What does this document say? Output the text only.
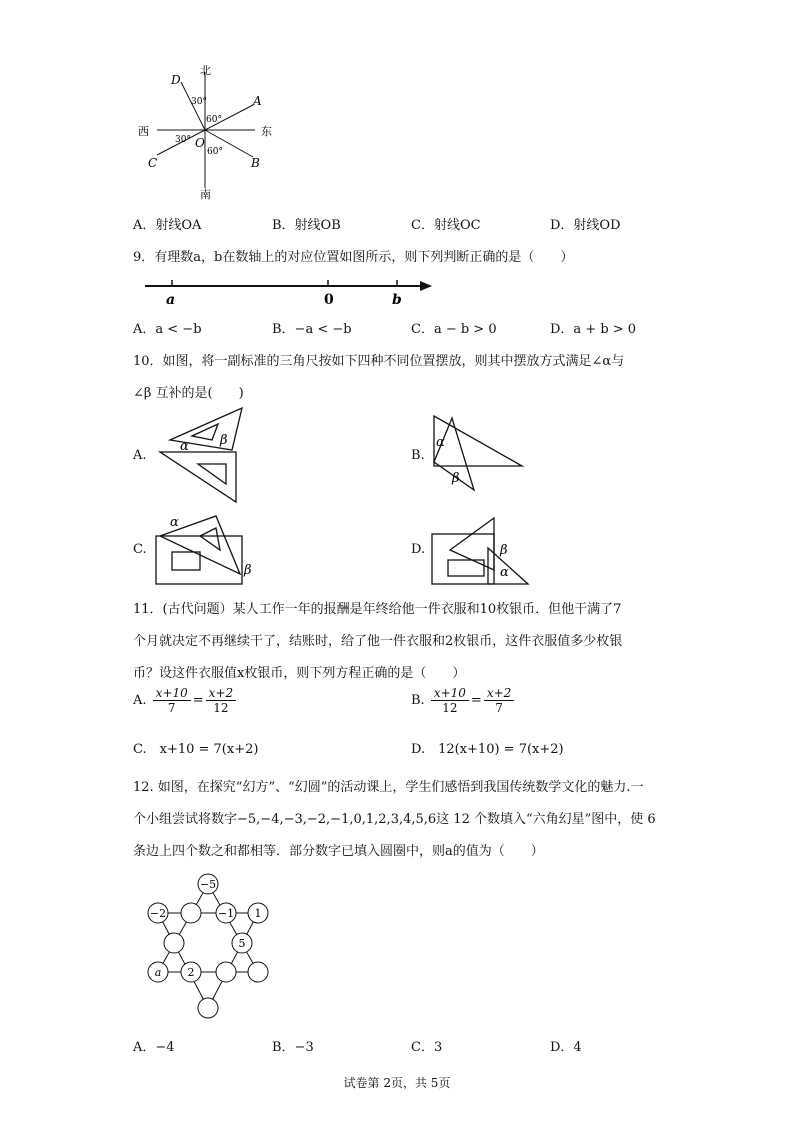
北
南
西	东
D
A
C	B
O
30°
60°
30°
60°
A．射线OA	B．射线OB	C．射线OC	D．射线OD
9．有理数a，b在数轴上的对应位置如图所示，则下列判断正确的是（　　）
a	0	b
A．a < −b	B．−a < −b	C．a − b > 0	D．a + b > 0
10．如图，将一副标准的三角尺按如下四种不同位置摆放，则其中摆放方式满足∠α与
∠β 互补的是(　　)
A.
α β
B.
α
β
C.
α
β
D.	β
α
11．(古代问题）某人工作一年的报酬是年终给他一件衣服和10枚银币．但他干满了7
个月就决定不再继续干了，结账时，给了他一件衣服和2枚银币，这件衣服值多少枚银
币？设这件衣服值x枚银币，则下列方程正确的是（　　）
A. $\frac{x+10}{7} = \frac{x+2}{12}$	B. $\frac{x+10}{12} = \frac{x+2}{7}$
C.　x+10 = 7(x+2)	D.　12(x+10) = 7(x+2)
12. 如图，在探究“幻方”、“幻圆”的活动课上，学生们感悟到我国传统数学文化的魅力.一
个小组尝试将数字−5,−4,−3,−2,−1,0,1,2,3,4,5,6这 12 个数填入“六角幻星”图中，使 6
条边上四个数之和都相等．部分数字已填入圆圈中，则a的值为（　　）
−5
−2	−1 1
5
a 2
A．−4	B．−3	C．3	D．4
试卷第 2页，共 5页
